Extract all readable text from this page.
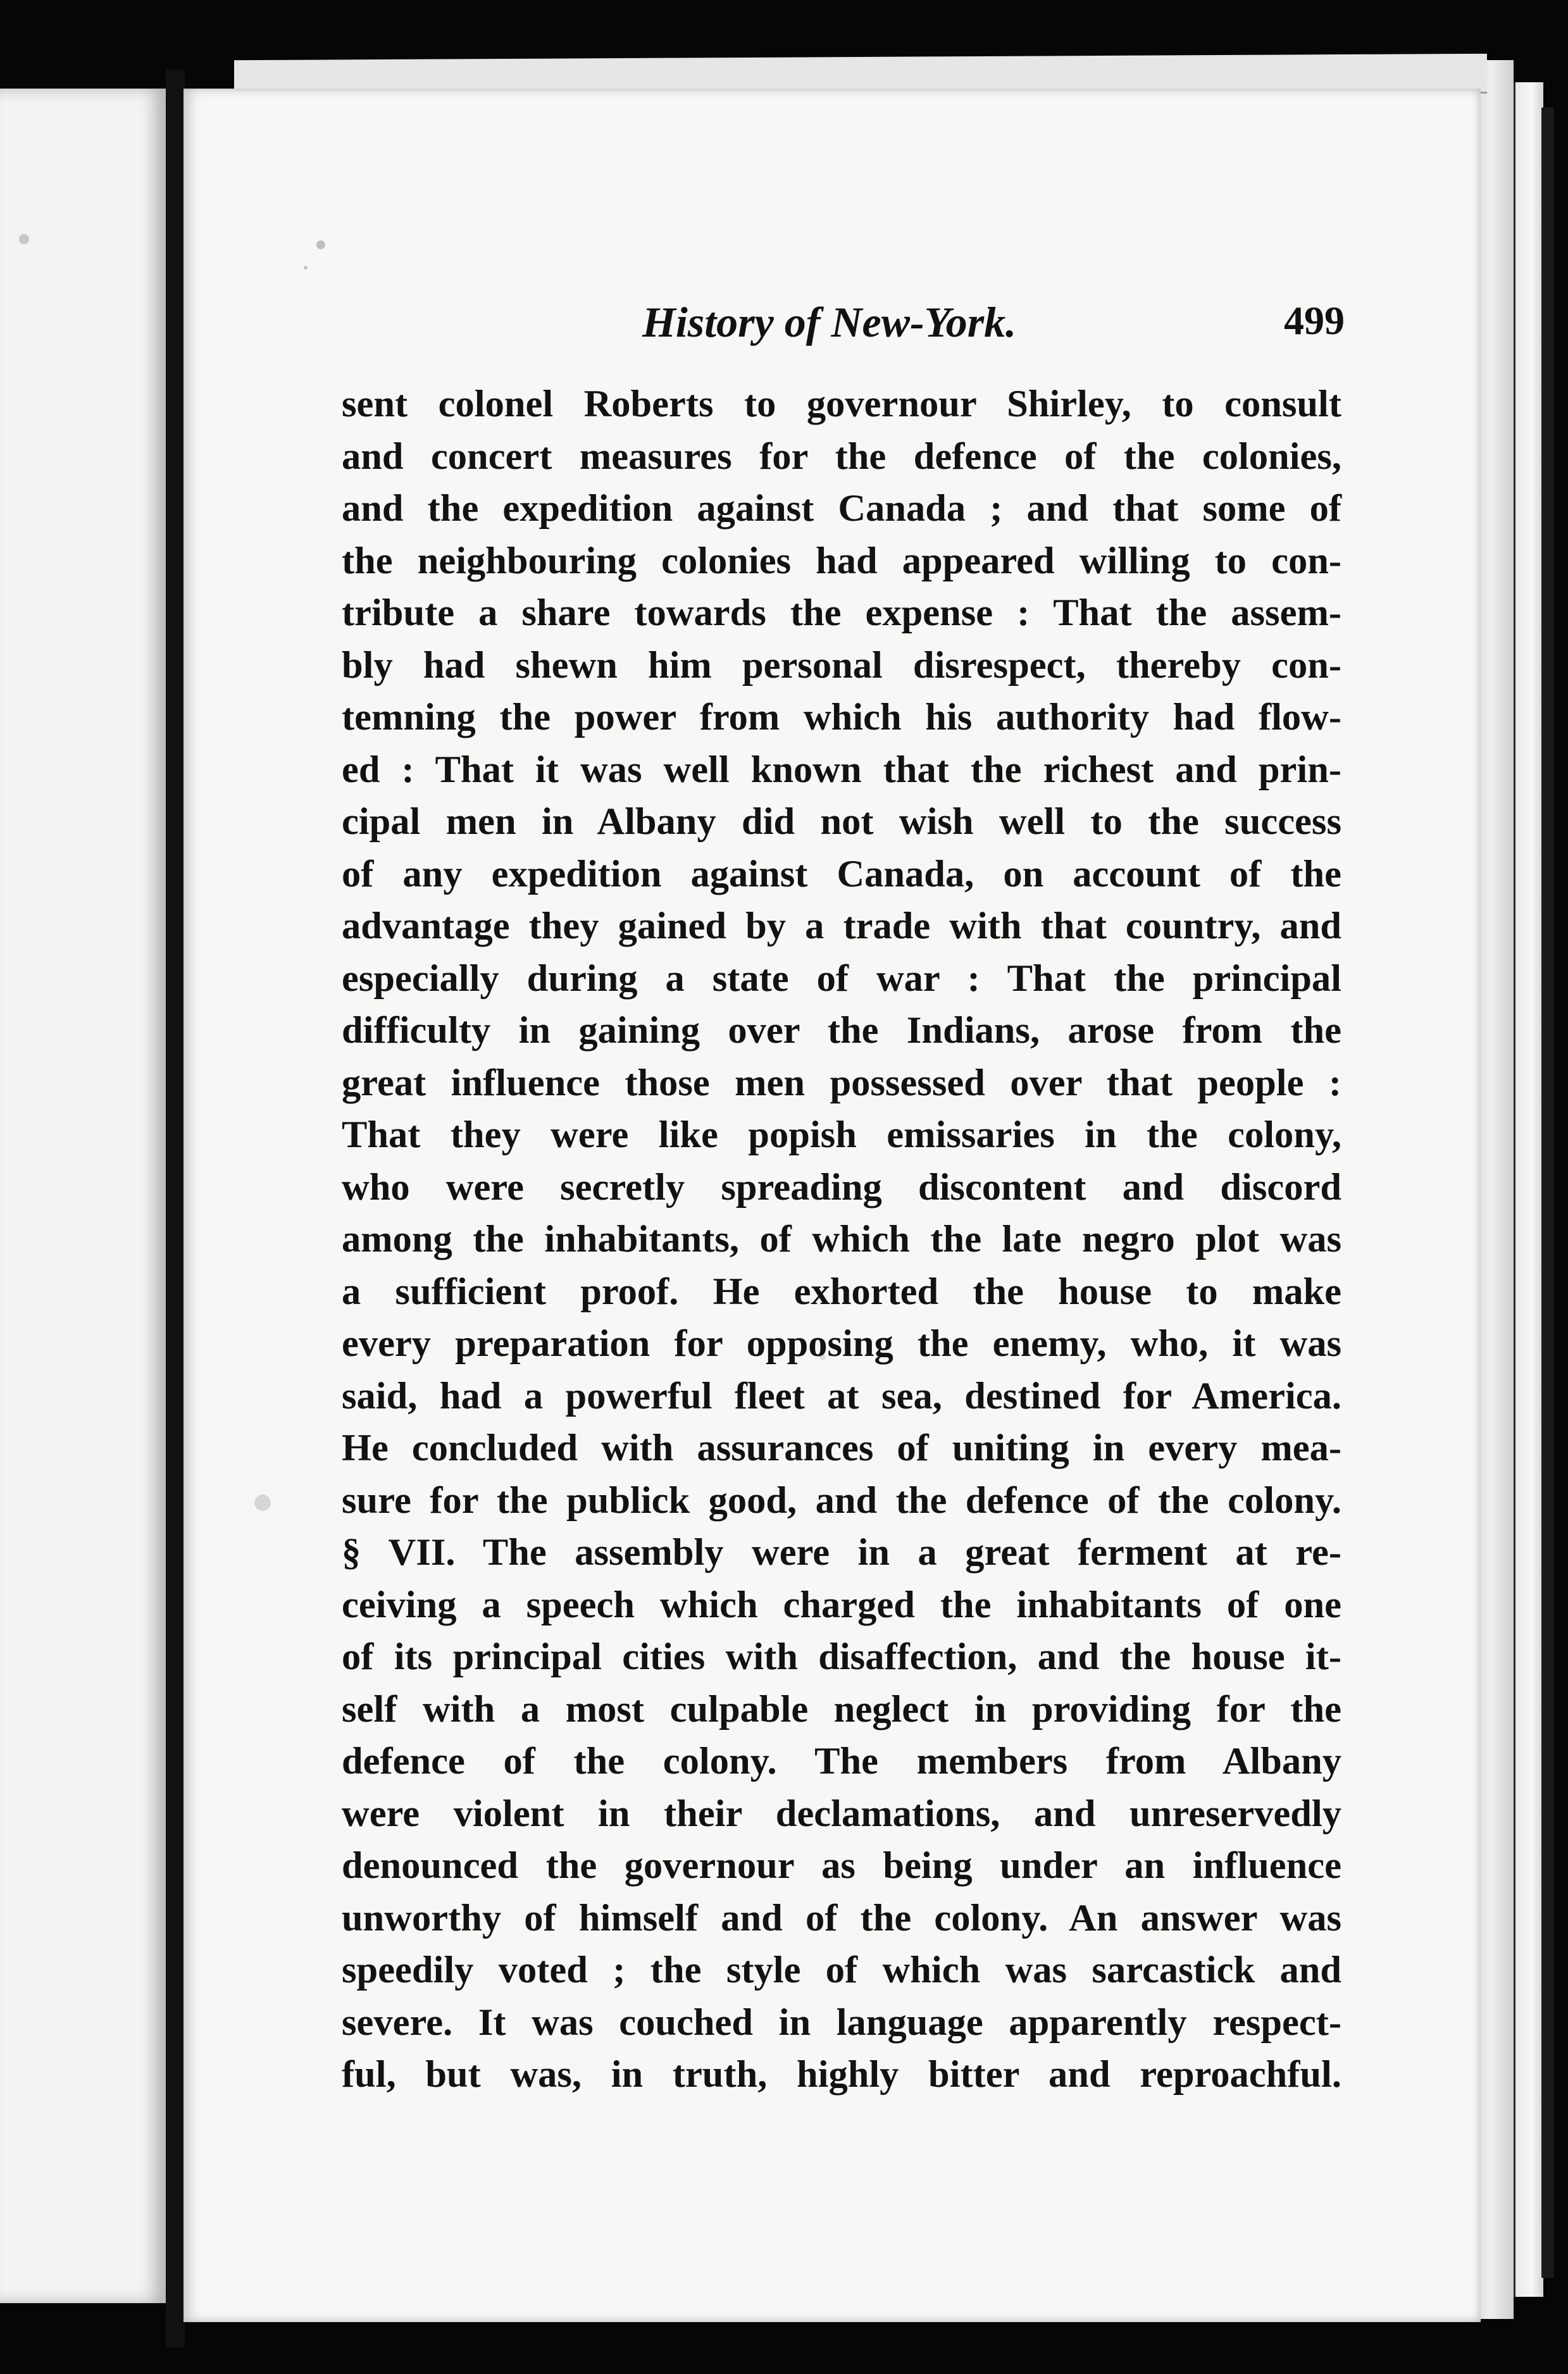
History of New-York.	499
sent colonel Roberts to governour Shirley, to consult
and concert measures for the defence of the colonies,
and the expedition against Canada ; and that some of
the neighbouring colonies had appeared willing to con-
tribute a share towards the expense : That the assem-
bly had shewn him personal disrespect, thereby con-
temning the power from which his authority had flow-
ed : That it was well known that the richest and prin-
cipal men in Albany did not wish well to the success
of any expedition against Canada, on account of the
advantage they gained by a trade with that country, and
especially during a state of war : That the principal
difficulty in gaining over the Indians, arose from the
great influence those men possessed over that people :
That they were like popish emissaries in the colony,
who were secretly spreading discontent and discord
among the inhabitants, of which the late negro plot was
a sufficient proof. He exhorted the house to make
every preparation for opposing the enemy, who, it was
said, had a powerful fleet at sea, destined for America.
He concluded with assurances of uniting in every mea-
sure for the publick good, and the defence of the colony.
§ VII. The assembly were in a great ferment at re-
ceiving a speech which charged the inhabitants of one
of its principal cities with disaffection, and the house it-
self with a most culpable neglect in providing for the
defence of the colony. The members from Albany
were violent in their declamations, and unreservedly
denounced the governour as being under an influence
unworthy of himself and of the colony. An answer was
speedily voted ; the style of which was sarcastick and
severe. It was couched in language apparently respect-
ful, but was, in truth, highly bitter and reproachful.
